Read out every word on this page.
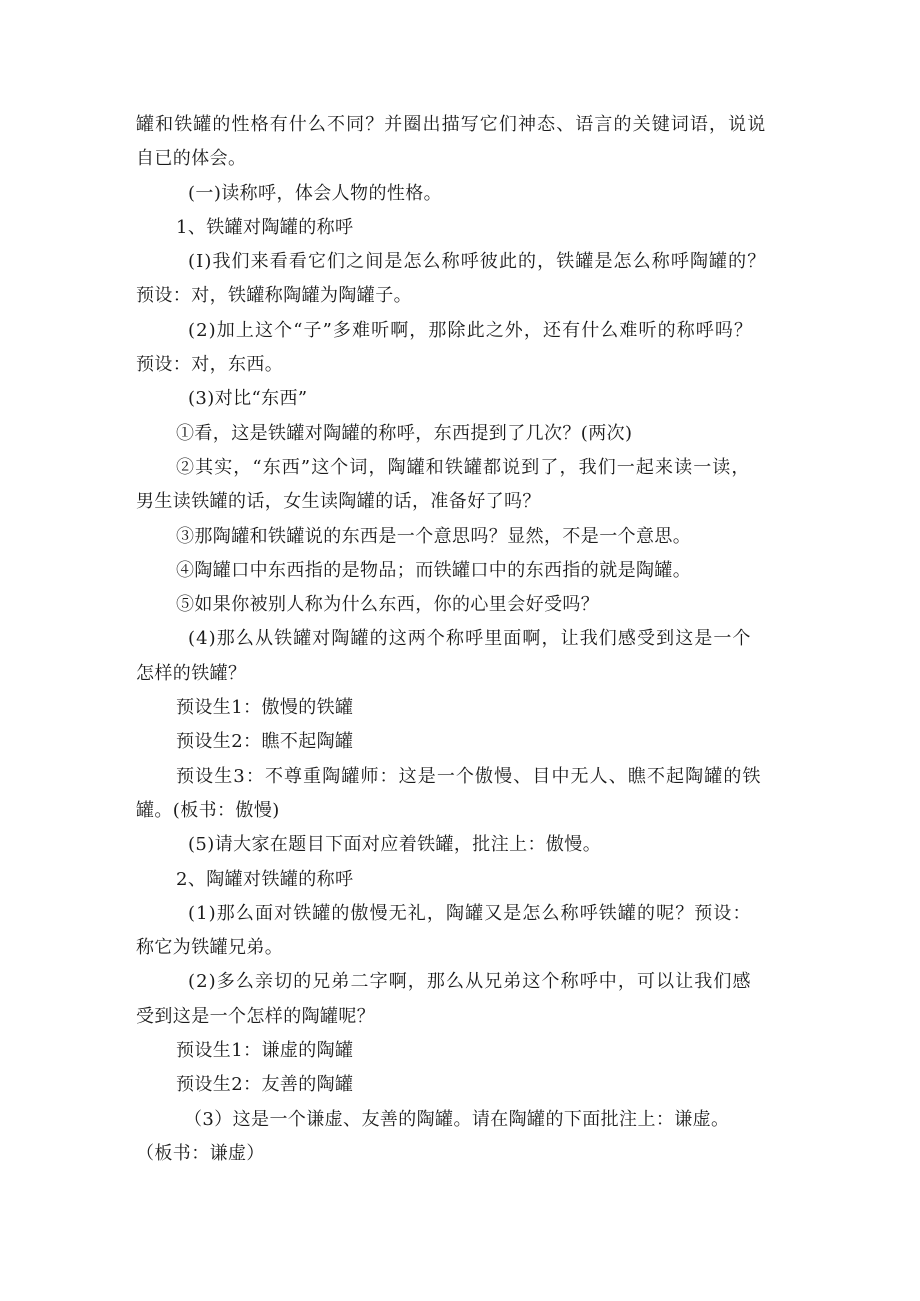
罐和铁罐的性格有什么不同？并圈出描写它们神态、语言的关键词语，说说
自已的体会。
(一)读称呼，体会人物的性格。
1、铁罐对陶罐的称呼
(I)我们来看看它们之间是怎么称呼彼此的，铁罐是怎么称呼陶罐的？
预设：对，铁罐称陶罐为陶罐子。
(2)加上这个“子”多难听啊，那除此之外，还有什么难听的称呼吗？
预设：对，东西。
(3)对比“东西”
①看，这是铁罐对陶罐的称呼，东西提到了几次？(两次)
②其实，“东西”这个词，陶罐和铁罐都说到了，我们一起来读一读，
男生读铁罐的话，女生读陶罐的话，准备好了吗？
③那陶罐和铁罐说的东西是一个意思吗？显然，不是一个意思。
④陶罐口中东西指的是物品；而铁罐口中的东西指的就是陶罐。
⑤如果你被别人称为什么东西，你的心里会好受吗？
(4)那么从铁罐对陶罐的这两个称呼里面啊，让我们感受到这是一个
怎样的铁罐？
预设生1：傲慢的铁罐
预设生2：瞧不起陶罐
预设生3：不尊重陶罐师：这是一个傲慢、目中无人、瞧不起陶罐的铁
罐。(板书：傲慢)
(5)请大家在题目下面对应着铁罐，批注上：傲慢。
2、陶罐对铁罐的称呼
(1)那么面对铁罐的傲慢无礼，陶罐又是怎么称呼铁罐的呢？预设：
称它为铁罐兄弟。
(2)多么亲切的兄弟二字啊，那么从兄弟这个称呼中，可以让我们感
受到这是一个怎样的陶罐呢？
预设生1：谦虚的陶罐
预设生2：友善的陶罐
（3）这是一个谦虚、友善的陶罐。请在陶罐的下面批注上：谦虚。
（板书：谦虚）
